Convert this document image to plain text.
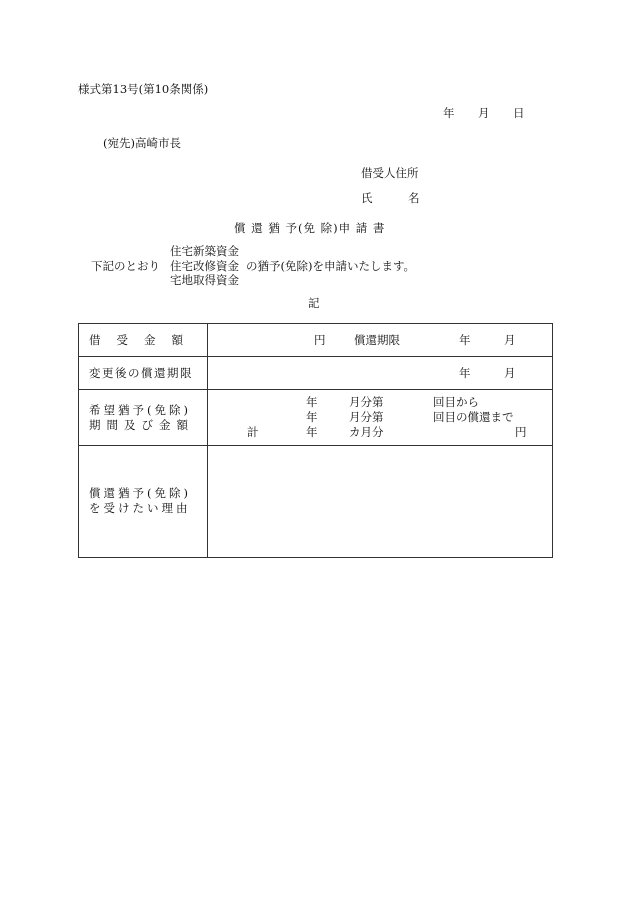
様式第13号(第10条関係)
年 月 日
(宛先)高崎市長
借受人住所
氏	名
償 還 猶 予(免 除)申 請 書
下記のとおり
住宅新築資金
住宅改修資金
宅地取得資金
の猶予(免除)を申請いたします。
記
借受金額	円 償還期限	年	月
変更後の償還期限	年	月
希望猶予(免除)
期間及び金額
年	月分第	回目から
年	月分第	回目の償還まで
計	年	カ月分	円
償還猶予(免除)
を受けたい理由
